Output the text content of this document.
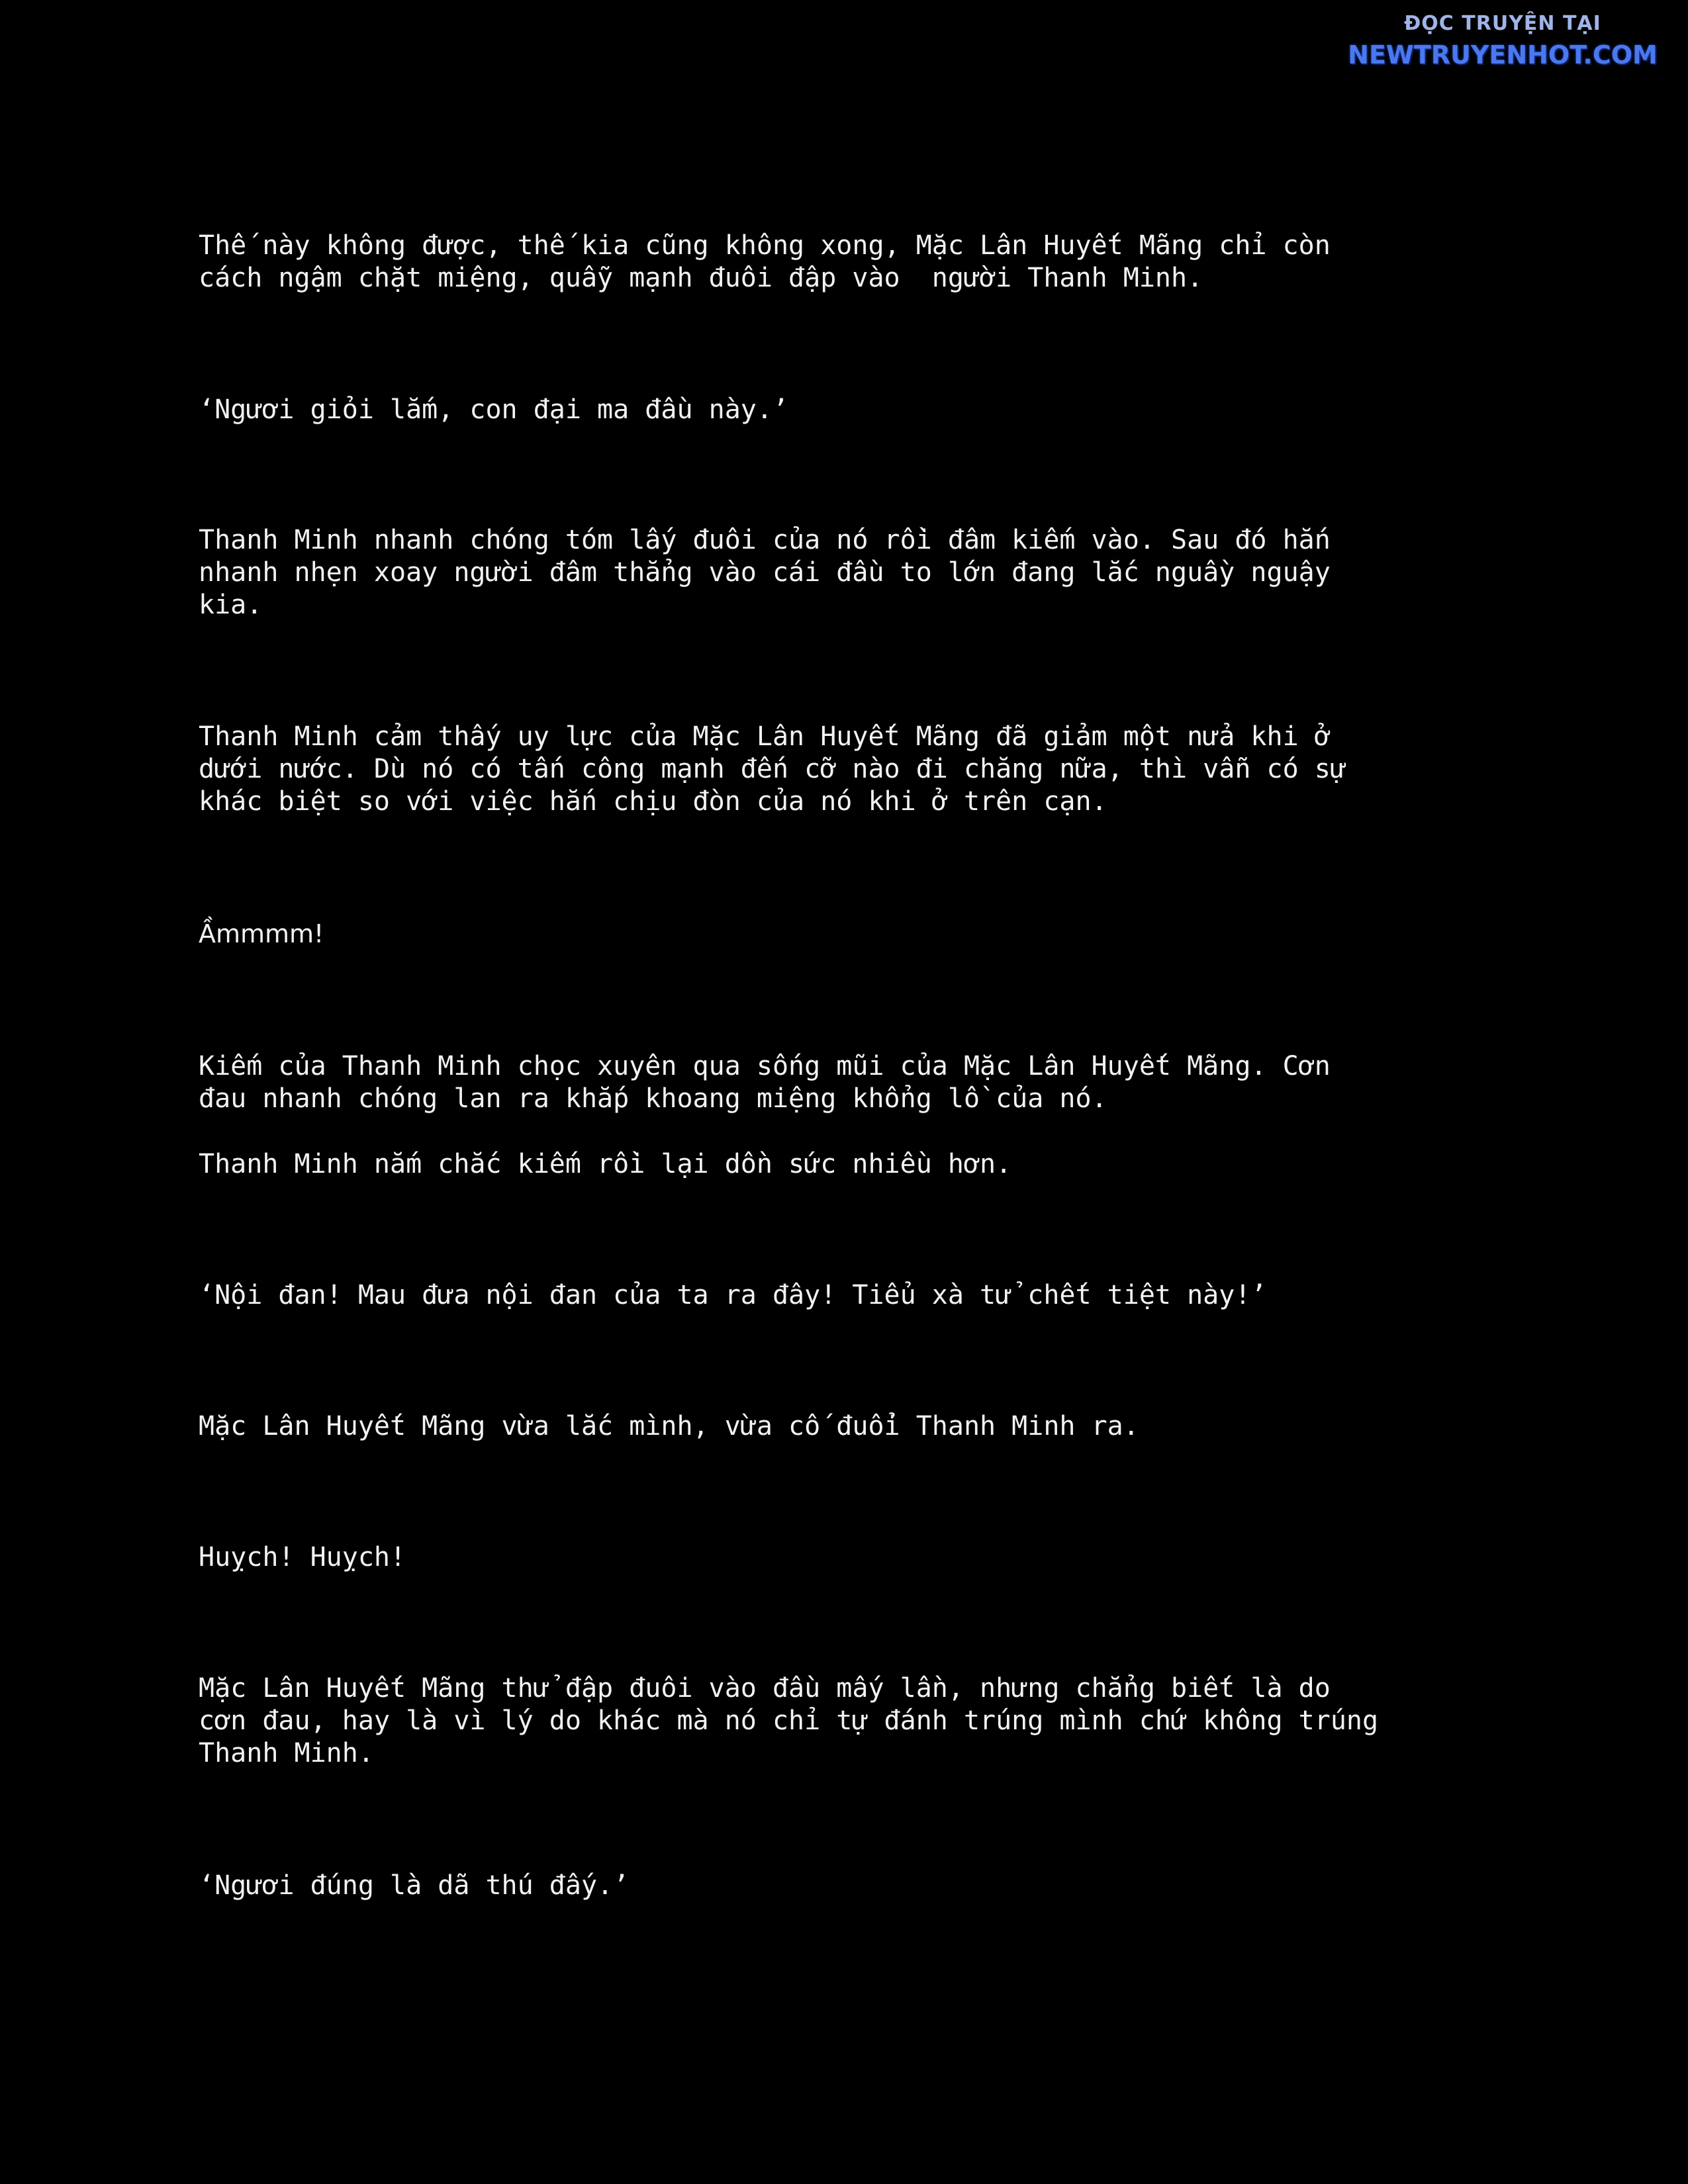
ĐỌC TRUYỆN TẠI
NEWTRUYENHOT.COM

Thế này không được, thế kia cũng không xong, Mặc Lân Huyết Mãng chỉ còn
cách ngậm chặt miệng, quẫy mạnh đuôi đập vào  người Thanh Minh.

‘Ngươi giỏi lắm, con đại ma đầu này.’

Thanh Minh nhanh chóng tóm lấy đuôi của nó rồi đâm kiếm vào. Sau đó hắn
nhanh nhẹn xoay người đâm thẳng vào cái đầu to lớn đang lắc nguầy nguậy
kia.

Thanh Minh cảm thấy uy lực của Mặc Lân Huyết Mãng đã giảm một nửa khi ở
dưới nước. Dù nó có tấn công mạnh đến cỡ nào đi chăng nữa, thì vẫn có sự
khác biệt so với việc hắn chịu đòn của nó khi ở trên cạn.

Ầmmmm!

Kiếm của Thanh Minh chọc xuyên qua sống mũi của Mặc Lân Huyết Mãng. Cơn
đau nhanh chóng lan ra khắp khoang miệng khổng lồ của nó.

Thanh Minh nắm chắc kiếm rồi lại dồn sức nhiều hơn.

‘Nội đan! Mau đưa nội đan của ta ra đây! Tiểu xà tử chết tiệt này!’

Mặc Lân Huyết Mãng vừa lắc mình, vừa cố đuổi Thanh Minh ra.

Huỵch! Huỵch!

Mặc Lân Huyết Mãng thử đập đuôi vào đầu mấy lần, nhưng chẳng biết là do
cơn đau, hay là vì lý do khác mà nó chỉ tự đánh trúng mình chứ không trúng
Thanh Minh.

‘Ngươi đúng là dã thú đấy.’
